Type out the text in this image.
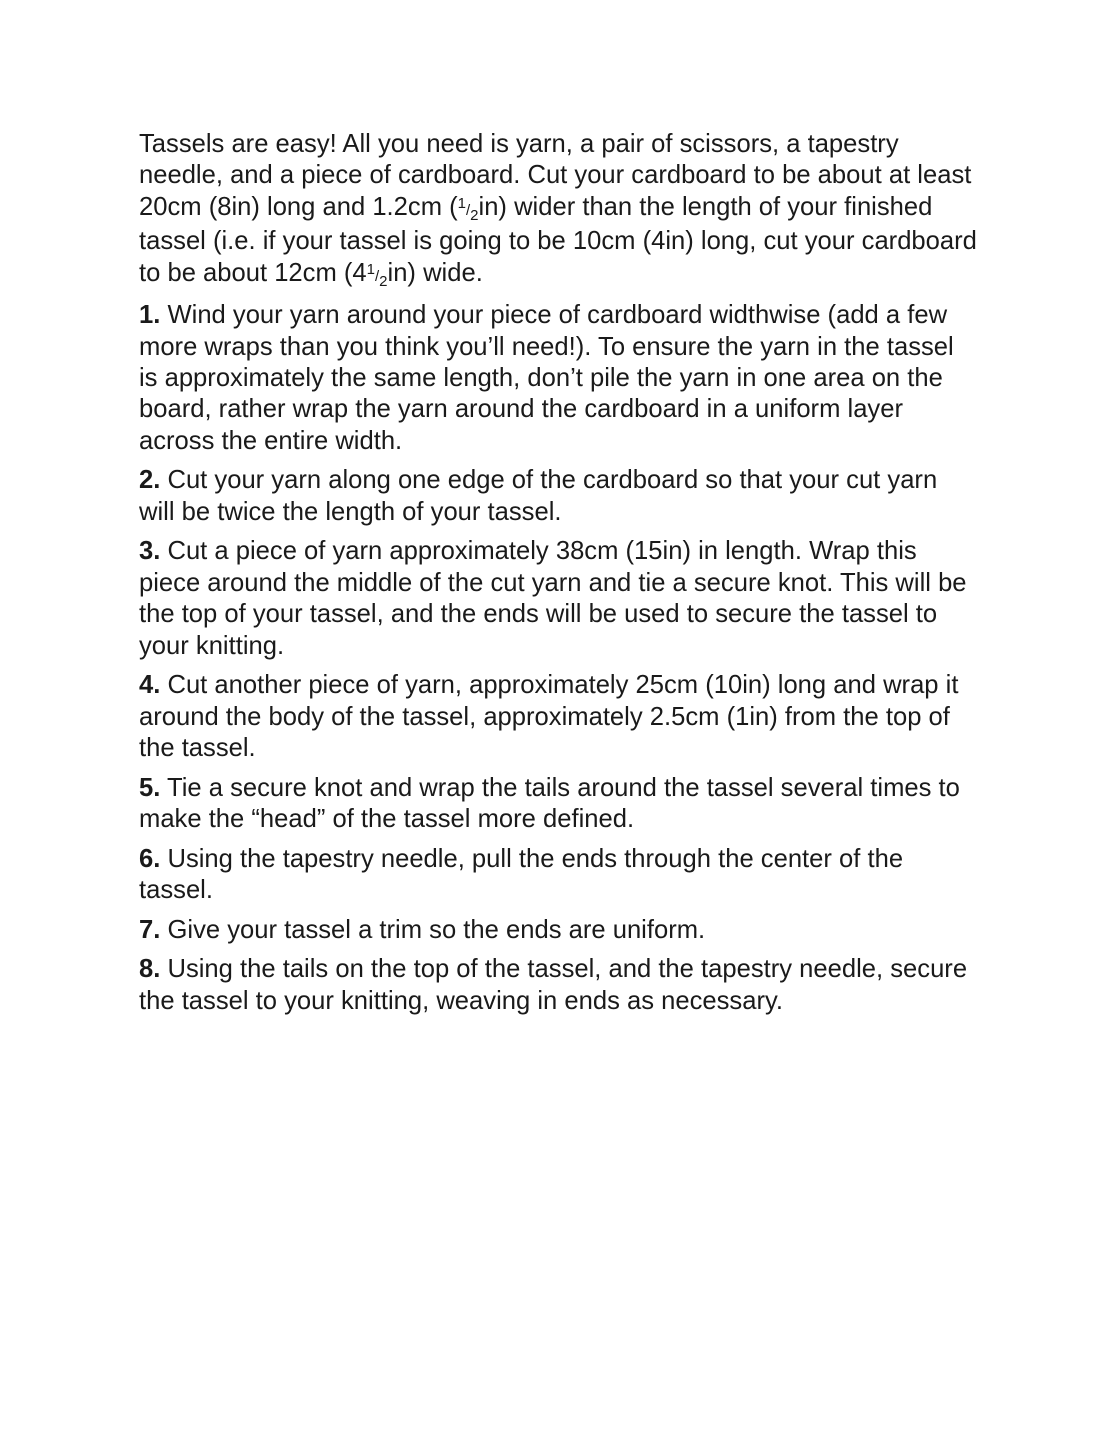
Tassels are easy! All you need is yarn, a pair of scissors, a tapestry needle, and a piece of cardboard. Cut your cardboard to be about at least 20cm (8in) long and 1.2cm $(^1/_2in)$ wider than the length of your finished tassel (i.e. if your tassel is going to be 10cm (4in) long, cut your cardboard to be about 12cm $(4^1/_2in)$ wide.

1. Wind your yarn around your piece of cardboard widthwise (add a few more wraps than you think you’ll need!). To ensure the yarn in the tassel is approximately the same length, don’t pile the yarn in one area on the board, rather wrap the yarn around the cardboard in a uniform layer across the entire width.

2. Cut your yarn along one edge of the cardboard so that your cut yarn will be twice the length of your tassel.

3. Cut a piece of yarn approximately 38cm (15in) in length. Wrap this piece around the middle of the cut yarn and tie a secure knot. This will be the top of your tassel, and the ends will be used to secure the tassel to your knitting.

4. Cut another piece of yarn, approximately 25cm (10in) long and wrap it around the body of the tassel, approximately 2.5cm (1in) from the top of the tassel.

5. Tie a secure knot and wrap the tails around the tassel several times to make the “head” of the tassel more defined.

6. Using the tapestry needle, pull the ends through the center of the tassel.

7. Give your tassel a trim so the ends are uniform.

8. Using the tails on the top of the tassel, and the tapestry needle, secure the tassel to your knitting, weaving in ends as necessary.
